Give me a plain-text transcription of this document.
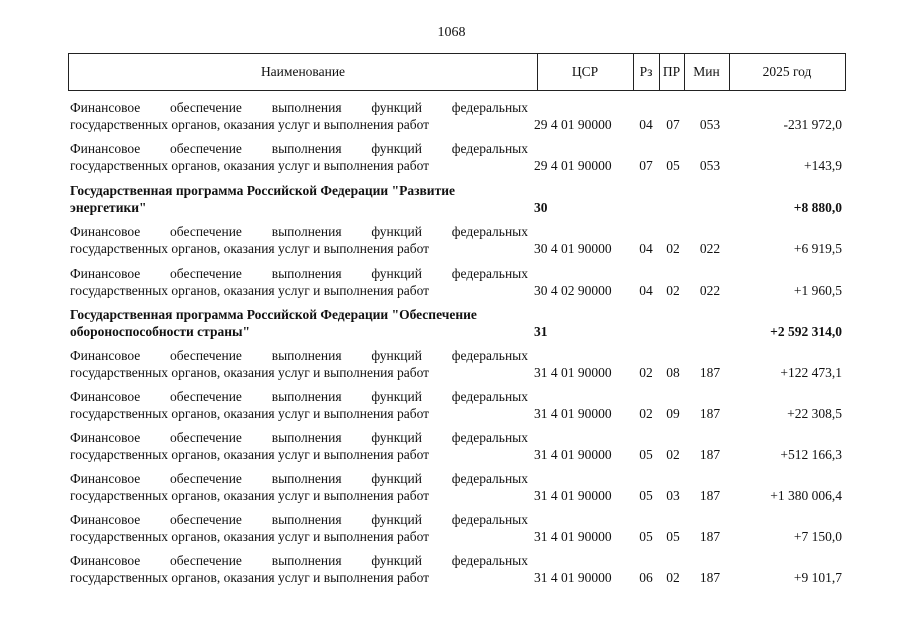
1068
Наименование	ЦСР	Рз ПР Мин	2025 год
Финансовое обеспечение выполнения функций федеральных
государственных органов, оказания услуг и выполнения работ	29 4 01 90000	04	07	053	-231 972,0
Финансовое обеспечение выполнения функций федеральных
государственных органов, оказания услуг и выполнения работ	29 4 01 90000	07	05	053	+143,9
Государственная программа Российской Федерации "Развитие
энергетики"	30	+8 880,0
Финансовое обеспечение выполнения функций федеральных
государственных органов, оказания услуг и выполнения работ	30 4 01 90000	04	02	022	+6 919,5
Финансовое обеспечение выполнения функций федеральных
государственных органов, оказания услуг и выполнения работ	30 4 02 90000	04	02	022	+1 960,5
Государственная программа Российской Федерации "Обеспечение
обороноспособности страны"	31	+2 592 314,0
Финансовое обеспечение выполнения функций федеральных
государственных органов, оказания услуг и выполнения работ	31 4 01 90000	02	08	187	+122 473,1
Финансовое обеспечение выполнения функций федеральных
государственных органов, оказания услуг и выполнения работ	31 4 01 90000	02	09	187	+22 308,5
Финансовое обеспечение выполнения функций федеральных
государственных органов, оказания услуг и выполнения работ	31 4 01 90000	05	02	187	+512 166,3
Финансовое обеспечение выполнения функций федеральных
государственных органов, оказания услуг и выполнения работ	31 4 01 90000	05	03	187	+1 380 006,4
Финансовое обеспечение выполнения функций федеральных
государственных органов, оказания услуг и выполнения работ	31 4 01 90000	05	05	187	+7 150,0
Финансовое обеспечение выполнения функций федеральных
государственных органов, оказания услуг и выполнения работ	31 4 01 90000	06	02	187	+9 101,7
